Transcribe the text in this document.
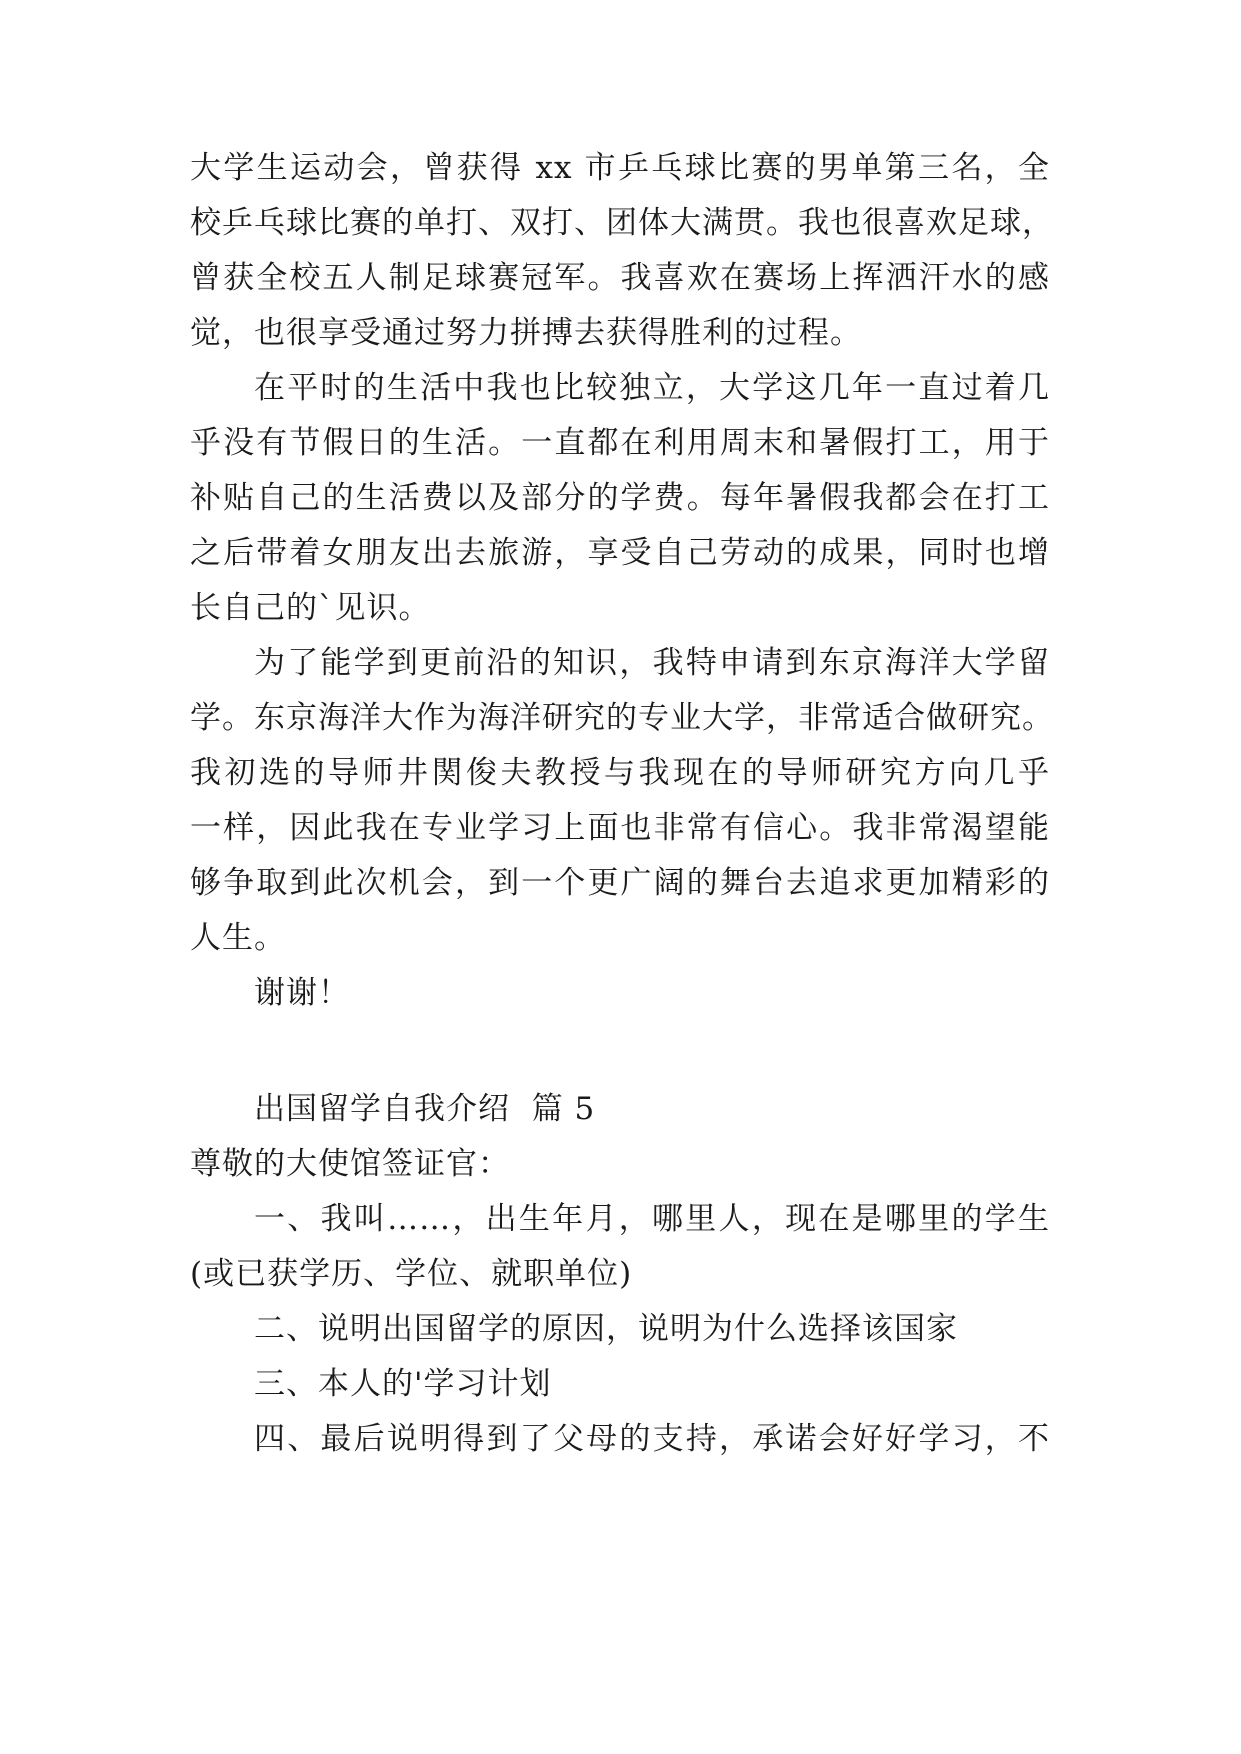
大学生运动会，曾获得 xx 市乒乓球比赛的男单第三名，全
校乒乓球比赛的单打、双打、团体大满贯。我也很喜欢足球，
曾获全校五人制足球赛冠军。我喜欢在赛场上挥洒汗水的感
觉，也很享受通过努力拼搏去获得胜利的过程。
在平时的生活中我也比较独立，大学这几年一直过着几
乎没有节假日的生活。一直都在利用周末和暑假打工，用于
补贴自己的生活费以及部分的学费。每年暑假我都会在打工
之后带着女朋友出去旅游，享受自己劳动的成果，同时也增
长自己的`见识。
为了能学到更前沿的知识，我特申请到东京海洋大学留
学。东京海洋大作为海洋研究的专业大学，非常适合做研究。
我初选的导师井関俊夫教授与我现在的导师研究方向几乎
一样，因此我在专业学习上面也非常有信心。我非常渴望能
够争取到此次机会，到一个更广阔的舞台去追求更加精彩的
人生。
谢谢！
出国留学自我介绍  篇 5
尊敬的大使馆签证官：
一、我叫……，出生年月，哪里人，现在是哪里的学生
(或已获学历、学位、就职单位)
二、说明出国留学的原因，说明为什么选择该国家
三、本人的'学习计划
四、最后说明得到了父母的支持，承诺会好好学习，不
